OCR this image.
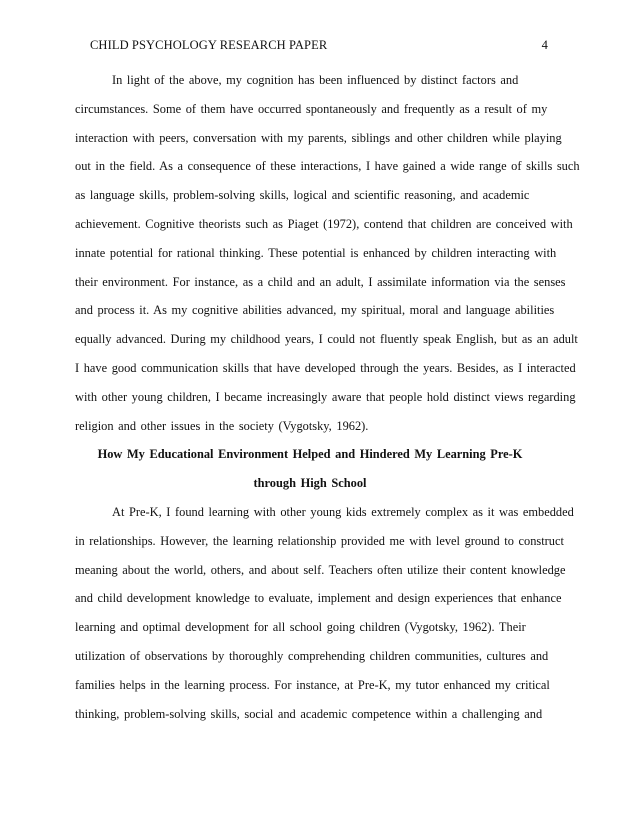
CHILD PSYCHOLOGY RESEARCH PAPER	4
In light of the above, my cognition has been influenced by distinct factors and
circumstances. Some of them have occurred spontaneously and frequently as a result of my
interaction with peers, conversation with my parents, siblings and other children while playing
out in the field. As a consequence of these interactions, I have gained a wide range of skills such
as language skills, problem-solving skills, logical and scientific reasoning, and academic
achievement. Cognitive theorists such as Piaget (1972), contend that children are conceived with
innate potential for rational thinking. These potential is enhanced by children interacting with
their environment. For instance, as a child and an adult, I assimilate information via the senses
and process it. As my cognitive abilities advanced, my spiritual, moral and language abilities
equally advanced. During my childhood years, I could not fluently speak English, but as an adult
I have good communication skills that have developed through the years. Besides, as I interacted
with other young children, I became increasingly aware that people hold distinct views regarding
religion and other issues in the society (Vygotsky, 1962).
How My Educational Environment Helped and Hindered My Learning Pre-K
through High School
At Pre-K, I found learning with other young kids extremely complex as it was embedded
in relationships. However, the learning relationship provided me with level ground to construct
meaning about the world, others, and about self. Teachers often utilize their content knowledge
and child development knowledge to evaluate, implement and design experiences that enhance
learning and optimal development for all school going children (Vygotsky, 1962). Their
utilization of observations by thoroughly comprehending children communities, cultures and
families helps in the learning process. For instance, at Pre-K, my tutor enhanced my critical
thinking, problem-solving skills, social and academic competence within a challenging and
